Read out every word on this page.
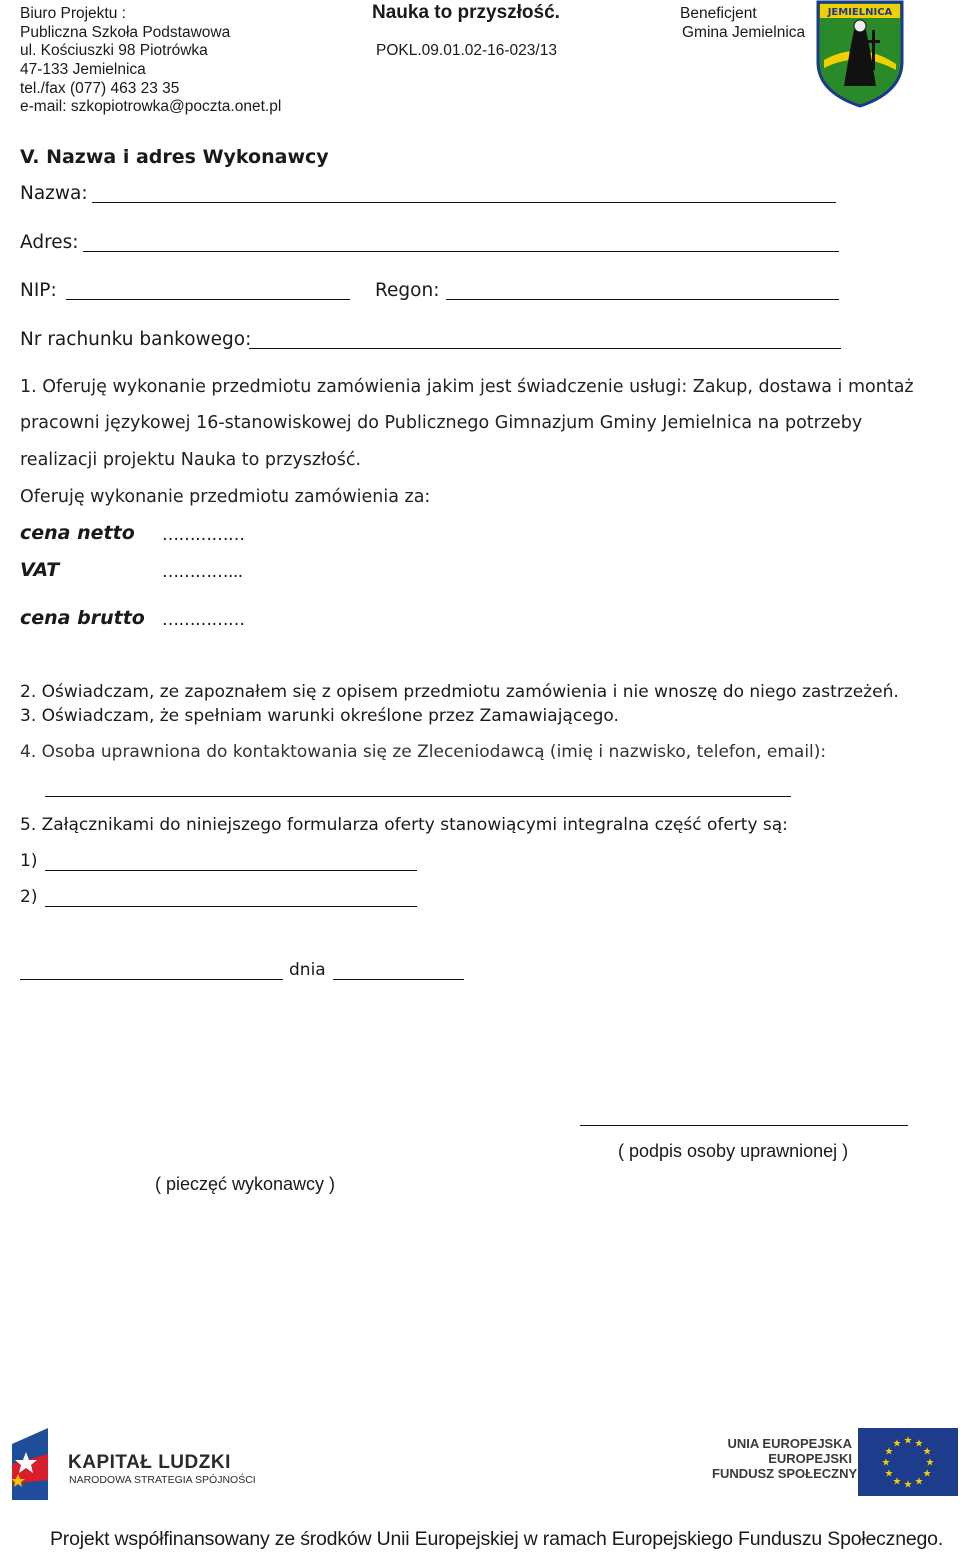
Biuro Projektu :
Publiczna Szkoła Podstawowa
ul. Kościuszki 98 Piotrówka
47-133 Jemielnica
tel./fax (077) 463 23 35
e-mail: szkopiotrowka@poczta.onet.pl
Nauka to przyszłość.
POKL.09.01.02-16-023/13
Beneficjent
Gmina Jemielnica
JEMIELNICA
V. Nazwa i adres Wykonawcy
Nazwa:
Adres:
NIP:	Regon:
Nr rachunku bankowego:
1. Oferuję wykonanie przedmiotu zamówienia jakim jest świadczenie usługi: Zakup, dostawa i montaż
pracowni językowej 16-stanowiskowej do Publicznego Gimnazjum Gminy Jemielnica na potrzeby
realizacji projektu Nauka to przyszłość.
Oferuję wykonanie przedmiotu zamówienia za:
cena netto ……………
VAT	…………...
cena brutto ……………
2. Oświadczam, ze zapoznałem się z opisem przedmiotu zamówienia i nie wnoszę do niego zastrzeżeń.
3. Oświadczam, że spełniam warunki określone przez Zamawiającego.
4. Osoba uprawniona do kontaktowania się ze Zleceniodawcą (imię i nazwisko, telefon, email):
5. Załącznikami do niniejszego formularza oferty stanowiącymi integralna część oferty są:
1)
2)
dnia
( podpis osoby uprawnionej )
( pieczęć wykonawcy )
KAPITAŁ LUDZKI
NARODOWA STRATEGIA SPÓJNOŚCI
UNIA EUROPEJSKA
EUROPEJSKI
FUNDUSZ SPOŁECZNY
★
★
★
★
★
★
★
★
★ ★ ★
★
Projekt współfinansowany ze środków Unii Europejskiej w ramach Europejskiego Funduszu Społecznego.
